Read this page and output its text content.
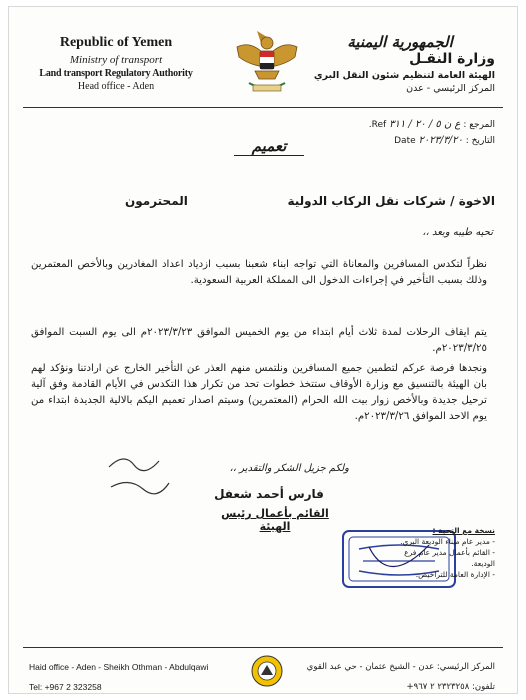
Republic of Yemen
Ministry of transport
Land transport Regulatory Authority
Head office - Aden
الجمهورية اليمنية
وزارة النقـل
الهيئة العامة لتنظيم شئون النقل البري
المركز الرئيسي - عدن
المرجع : ع ن ٥ / ٢٠ / ٣١١ Ref.
التاريخ : ٢٠٢٣/٣/٢٠ Date
تعميم
الاخوة / شركات نقل الركاب الدولية
المحترمون
تحيه طيبه وبعد ،،
نظراً لتكدس المسافرين والمعاناة التي تواجه ابناء شعبنا بسبب ازدياد اعداد المغادرين وبالأخص المعتمرين وذلك بسبب التأخير في إجراءات الدخول الى المملكة العربية السعودية.
يتم ايقاف الرحلات لمدة ثلاث أيام ابتداء من يوم الخميس الموافق ٢٠٢٣/٣/٢٣م الى يوم السبت الموافق ٢٠٢٣/٣/٢٥م.
ونجدها فرصة عركم لتطمين جميع المسافرين ونلتمس منهم العذر عن التأخير الخارج عن ارادتنا ونؤكد لهم بان الهيئة بالتنسيق مع وزارة الأوقاف ستتخذ خطوات تحد من تكرار هذا التكدس في الأيام القادمة وفق آلية ترحيل جديدة وبالأخص زوار بيت الله الحرام (المعتمرين) وسيتم اصدار تعميم اليكم بالالية الجديدة ابتداء من يوم الاحد الموافق ٢٠٢٣/٣/٢٦م.
ولكم جزيل الشكر والتقدير ،،
فارس أحمد شعفل
القائم بأعمال رئيس الهيئة	نسخة مع التحية :
- مدير عام ميناء الوديعة البري.
- القائم بأعمال مدير عام فرع الوديعة.
- الإدارة العامة للتراخيص.
Haid office - Aden - Sheikh Othman - Abdulqawi
Tel: +967 2 323258
المركز الرئيسي: عدن - الشيخ عثمان - حي عبد القوي
تلفون: ٢٣٢٣٢٥٨ ٢ ٩٦٧+
